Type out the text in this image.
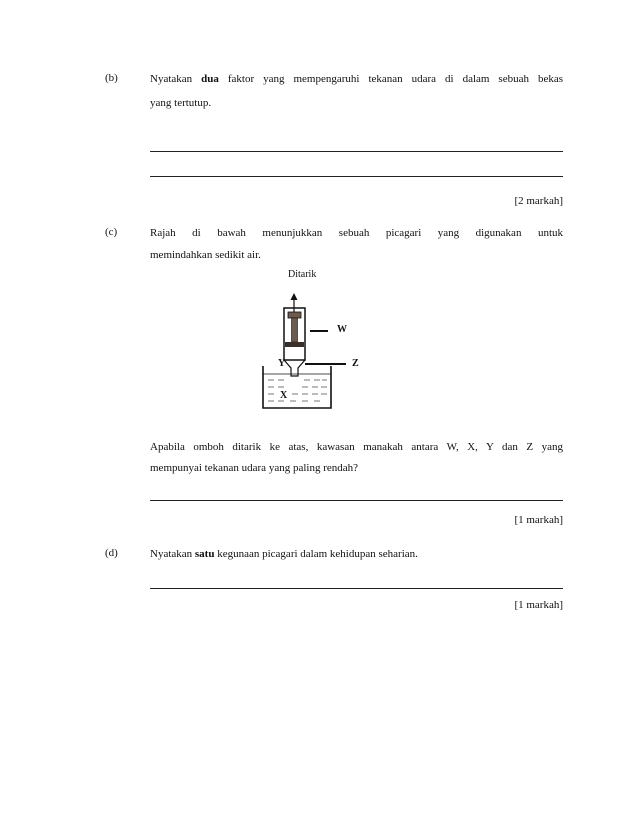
(b)	Nyatakan dua faktor yang mempengaruhi tekanan udara di dalam sebuah bekas
yang tertutup.
[2 markah]
(c)	Rajah di bawah menunjukkan sebuah picagari yang digunakan untuk
memindahkan sedikit air.
Ditarik
W
Y	Z
X
Apabila omboh ditarik ke atas, kawasan manakah antara W, X, Y dan Z yang
mempunyai tekanan udara yang paling rendah?
[1 markah]
(d)	Nyatakan satu kegunaan picagari dalam kehidupan seharian.
[1 markah]
